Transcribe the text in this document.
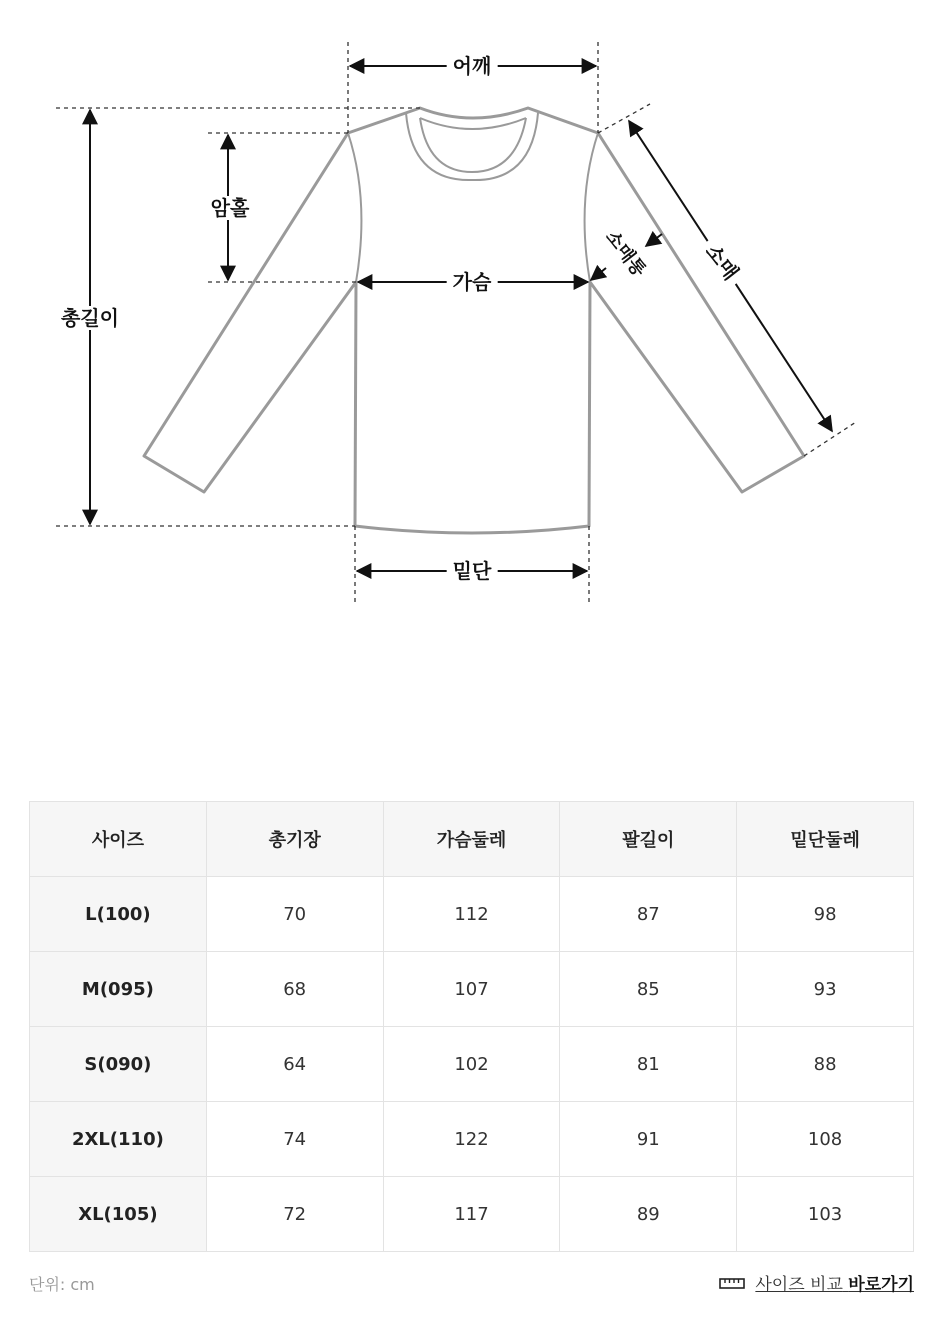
어깨
총길이
암홀
가슴
밑단
소매
소매통
사이즈	총기장	가슴둘레	팔길이	밑단둘레
L(100)	70	112	87	98
M(095)	68	107	85	93
S(090)	64	102	81	88
2XL(110)	74	122	91	108
XL(105)	72	117	89	103
단위: cm	사이즈 비교 바로가기
